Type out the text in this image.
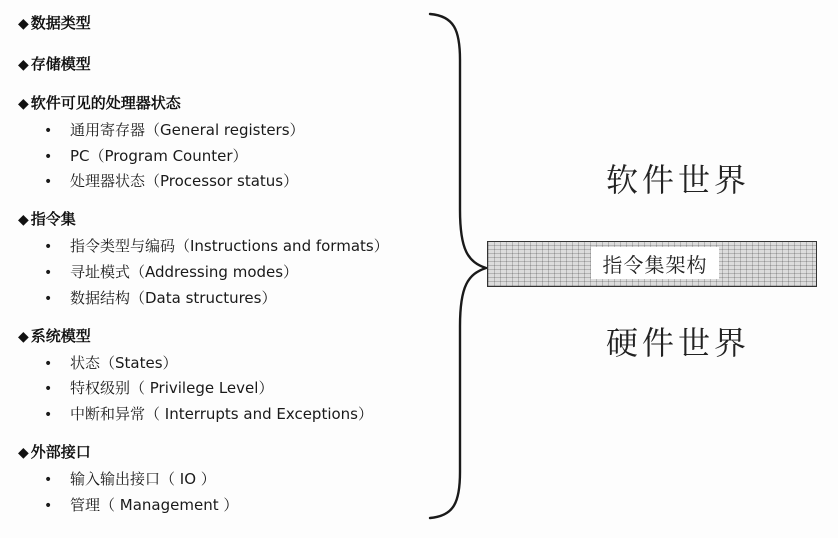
◆ 数据类型
◆ 存储模型
◆ 软件可见的处理器状态
• 通用寄存器（General registers）
• PC（Program Counter）
• 处理器状态（Processor status）
◆ 指令集
• 指令类型与编码（Instructions and formats）
• 寻址模式（Addressing modes）
• 数据结构（Data structures）
◆ 系统模型
• 状态（States）
• 特权级别（ Privilege Level）
• 中断和异常（ Interrupts and Exceptions）
◆ 外部接口
• 输入输出接口（ IO ）
• 管理（ Management ）
软件世界
硬件世界
指令集架构
